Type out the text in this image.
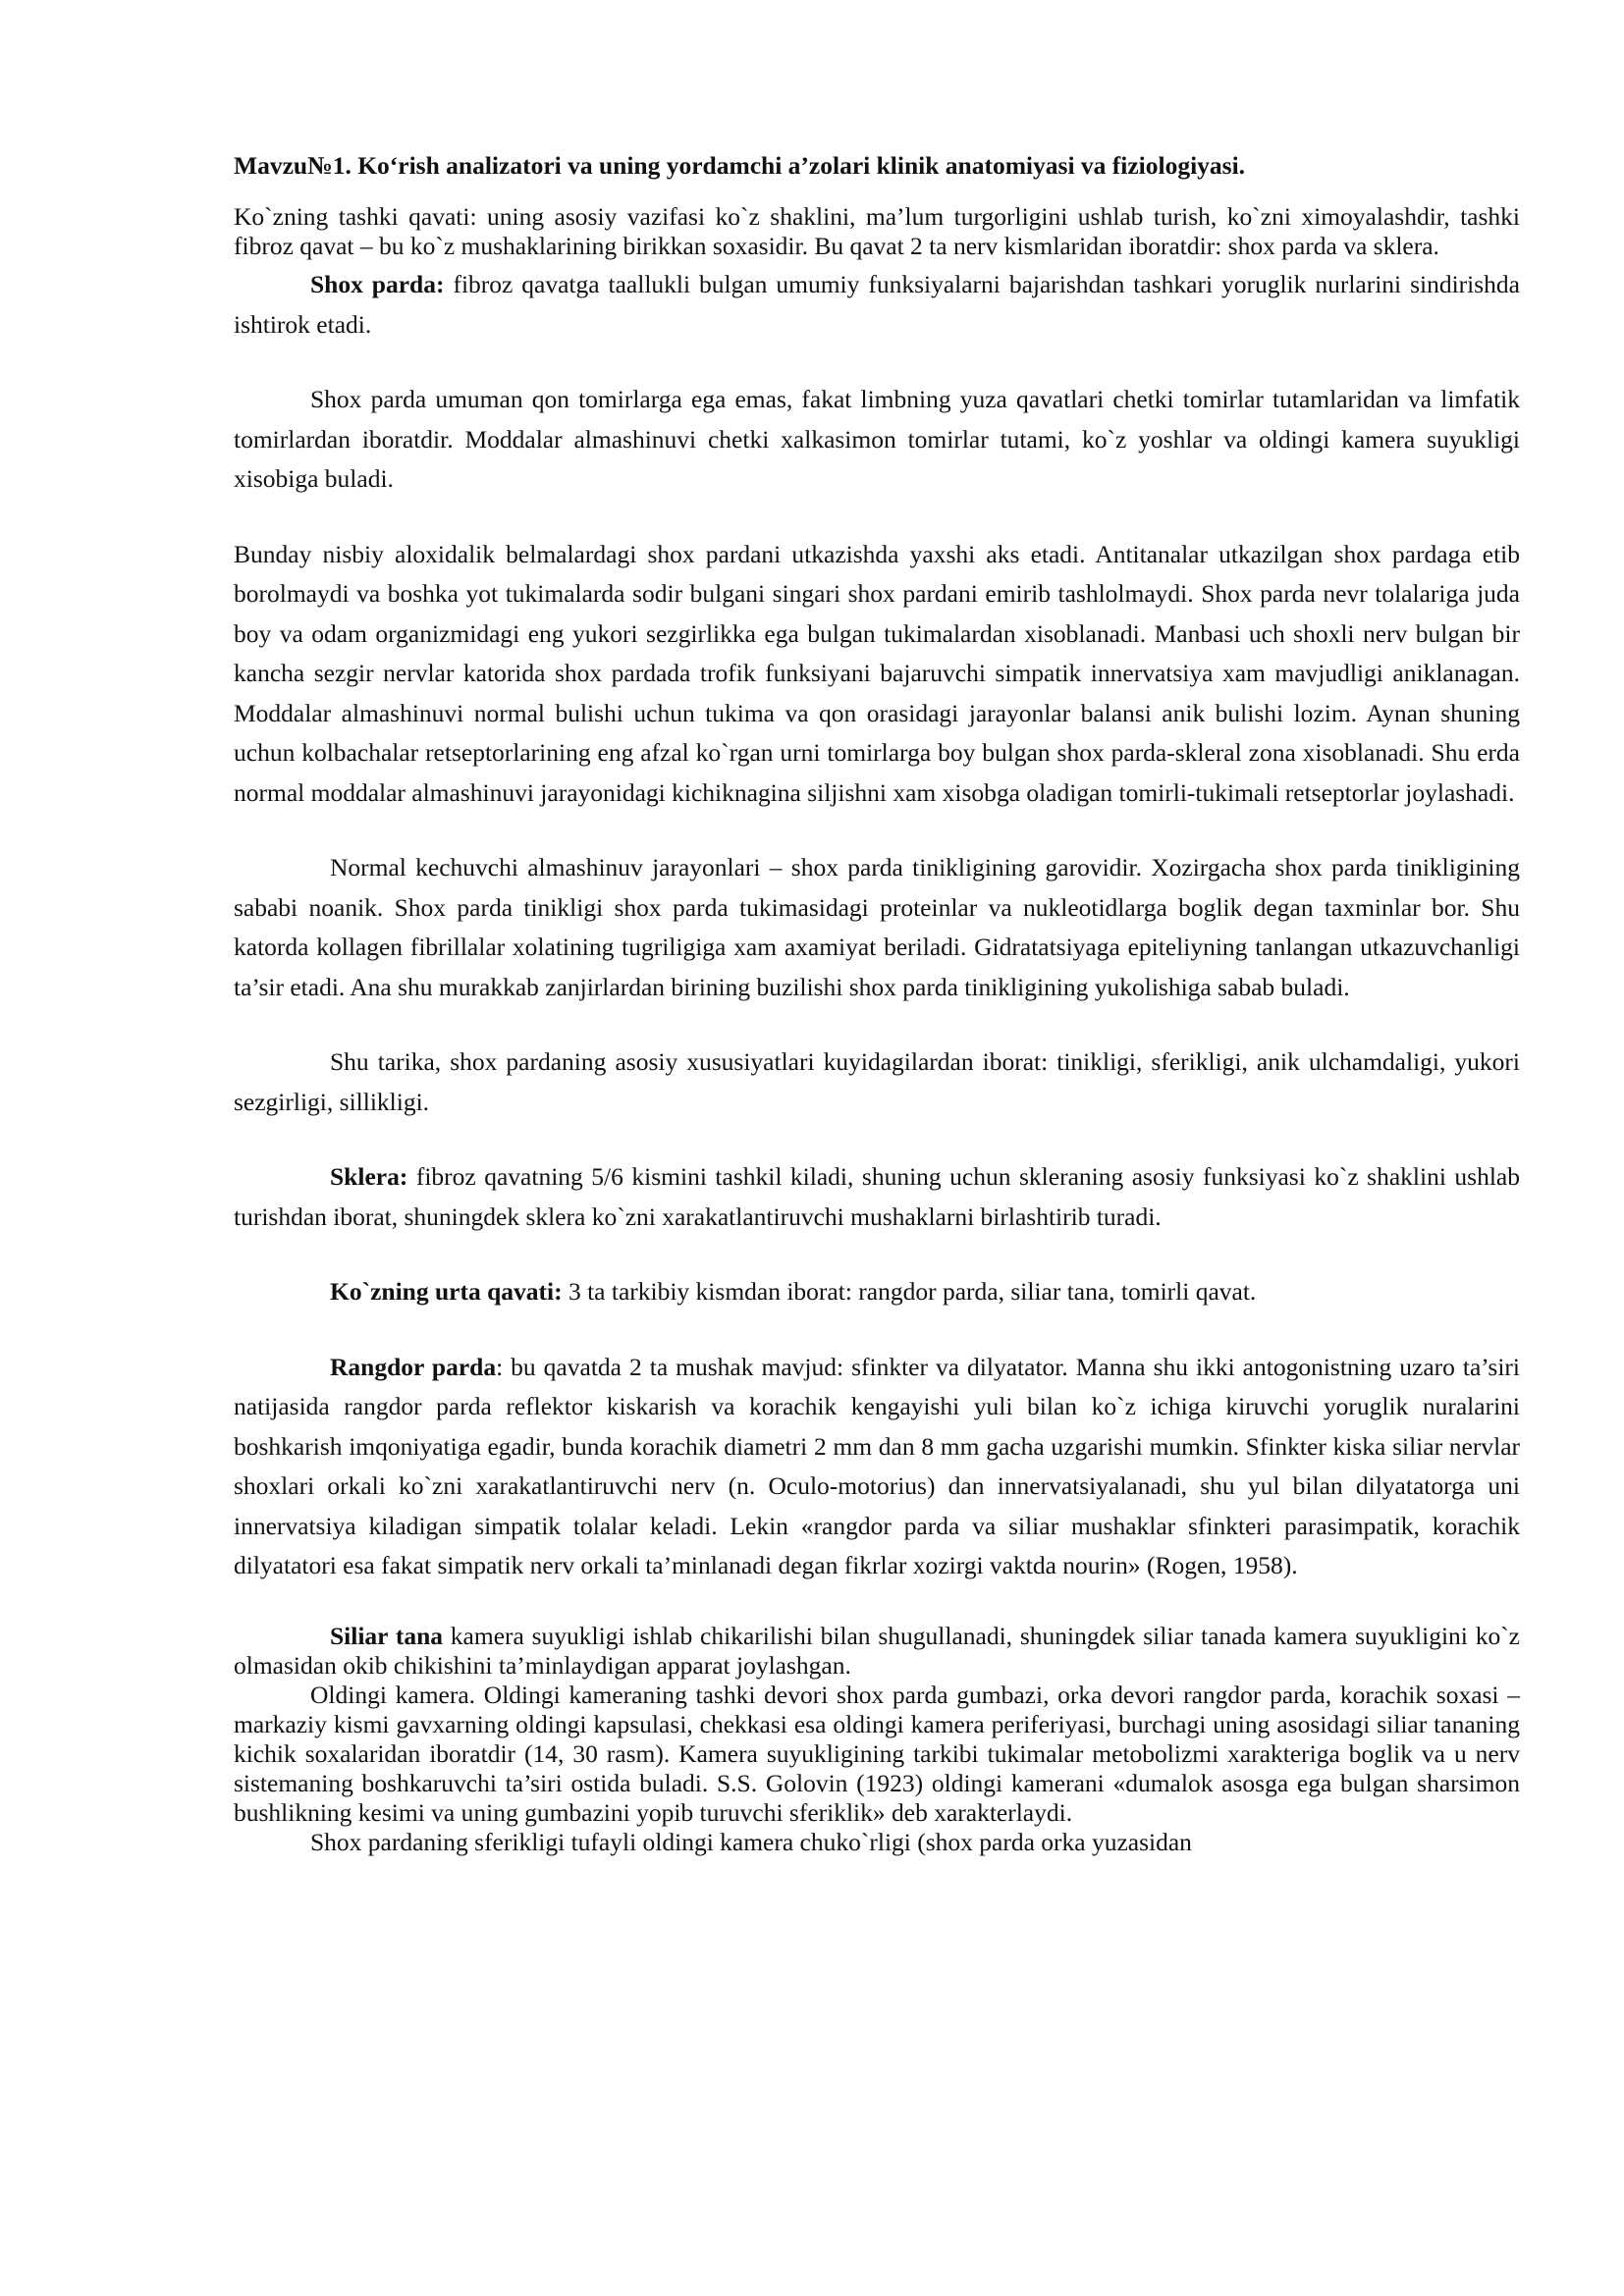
Mavzu№1. Ko‘rish analizatori va uning yordamchi a’zolari klinik anatomiyasi va fiziologiyasi.

Ko`zning tashki qavati: uning asosiy vazifasi ko`z shaklini, ma’lum turgorligini ushlab turish, ko`zni ximoyalashdir, tashki fibroz qavat – bu ko`z mushaklarining birikkan soxasidir. Bu qavat 2 ta nerv kismlaridan iboratdir: shox parda va sklera.

Shox parda: fibroz qavatga taallukli bulgan umumiy funksiyalarni bajarishdan tashkari yoruglik nurlarini sindirishda ishtirok etadi.

Shox parda umuman qon tomirlarga ega emas, fakat limbning yuza qavatlari chetki tomirlar tutamlaridan va limfatik tomirlardan iboratdir. Moddalar almashinuvi chetki xalkasimon tomirlar tutami, ko`z yoshlar va oldingi kamera suyukligi xisobiga buladi.

Bunday nisbiy aloxidalik belmalardagi shox pardani utkazishda yaxshi aks etadi. Antitanalar utkazilgan shox pardaga etib borolmaydi va boshka yot tukimalarda sodir bulgani singari shox pardani emirib tashlolmaydi. Shox parda nevr tolalariga juda boy va odam organizmidagi eng yukori sezgirlikka ega bulgan tukimalardan xisoblanadi. Manbasi uch shoxli nerv bulgan bir kancha sezgir nervlar katorida shox pardada trofik funksiyani bajaruvchi simpatik innervatsiya xam mavjudligi aniklanagan. Moddalar almashinuvi normal bulishi uchun tukima va qon orasidagi jarayonlar balansi anik bulishi lozim. Aynan shuning uchun kolbachalar retseptorlarining eng afzal ko`rgan urni tomirlarga boy bulgan shox parda-skleral zona xisoblanadi. Shu erda normal moddalar almashinuvi jarayonidagi kichiknagina siljishni xam xisobga oladigan tomirli-tukimali retseptorlar joylashadi.

Normal kechuvchi almashinuv jarayonlari – shox parda tinikligining garovidir. Xozirgacha shox parda tinikligining sababi noanik. Shox parda tinikligi shox parda tukimasidagi proteinlar va nukleotidlarga boglik degan taxminlar bor. Shu katorda kollagen fibrillalar xolatining tugriligiga xam axamiyat beriladi. Gidratatsiyaga epiteliyning tanlangan utkazuvchanligi ta’sir etadi. Ana shu murakkab zanjirlardan birining buzilishi shox parda tinikligining yukolishiga sabab buladi.

Shu tarika, shox pardaning asosiy xususiyatlari kuyidagilardan iborat: tinikligi, sferikligi, anik ulchamdaligi, yukori sezgirligi, sillikligi.

Sklera: fibroz qavatning 5/6 kismini tashkil kiladi, shuning uchun skleraning asosiy funksiyasi ko`z shaklini ushlab turishdan iborat, shuningdek sklera ko`zni xarakatlantiruvchi mushaklarni birlashtirib turadi.

Ko`zning urta qavati: 3 ta tarkibiy kismdan iborat: rangdor parda, siliar tana, tomirli qavat.

Rangdor parda: bu qavatda 2 ta mushak mavjud: sfinkter va dilyatator. Manna shu ikki antogonistning uzaro ta’siri natijasida rangdor parda reflektor kiskarish va korachik kengayishi yuli bilan ko`z ichiga kiruvchi yoruglik nuralarini boshkarish imqoniyatiga egadir, bunda korachik diametri 2 mm dan 8 mm gacha uzgarishi mumkin. Sfinkter kiska siliar nervlar shoxlari orkali ko`zni xarakatlantiruvchi nerv (n. Oculo-motorius) dan innervatsiyalanadi, shu yul bilan dilyatatorga uni innervatsiya kiladigan simpatik tolalar keladi. Lekin «rangdor parda va siliar mushaklar sfinkteri parasimpatik, korachik dilyatatori esa fakat simpatik nerv orkali ta’minlanadi degan fikrlar xozirgi vaktda nourin» (Rogen, 1958).

Siliar tana kamera suyukligi ishlab chikarilishi bilan shugullanadi, shuningdek siliar tanada kamera suyukligini ko`z olmasidan okib chikishini ta’minlaydigan apparat joylashgan.

Oldingi kamera. Oldingi kameraning tashki devori shox parda gumbazi, orka devori rangdor parda, korachik soxasi – markaziy kismi gavxarning oldingi kapsulasi, chekkasi esa oldingi kamera periferiyasi, burchagi uning asosidagi siliar tananing kichik soxalaridan iboratdir (14, 30 rasm). Kamera suyukligining tarkibi tukimalar metobolizmi xarakteriga boglik va u nerv sistemaning boshkaruvchi ta’siri ostida buladi. S.S. Golovin (1923) oldingi kamerani «dumalok asosga ega bulgan sharsimon bushlikning kesimi va uning gumbazini yopib turuvchi sferiklik» deb xarakterlaydi.

Shox pardaning sferikligi tufayli oldingi kamera chuko`rligi (shox parda orka yuzasidan
